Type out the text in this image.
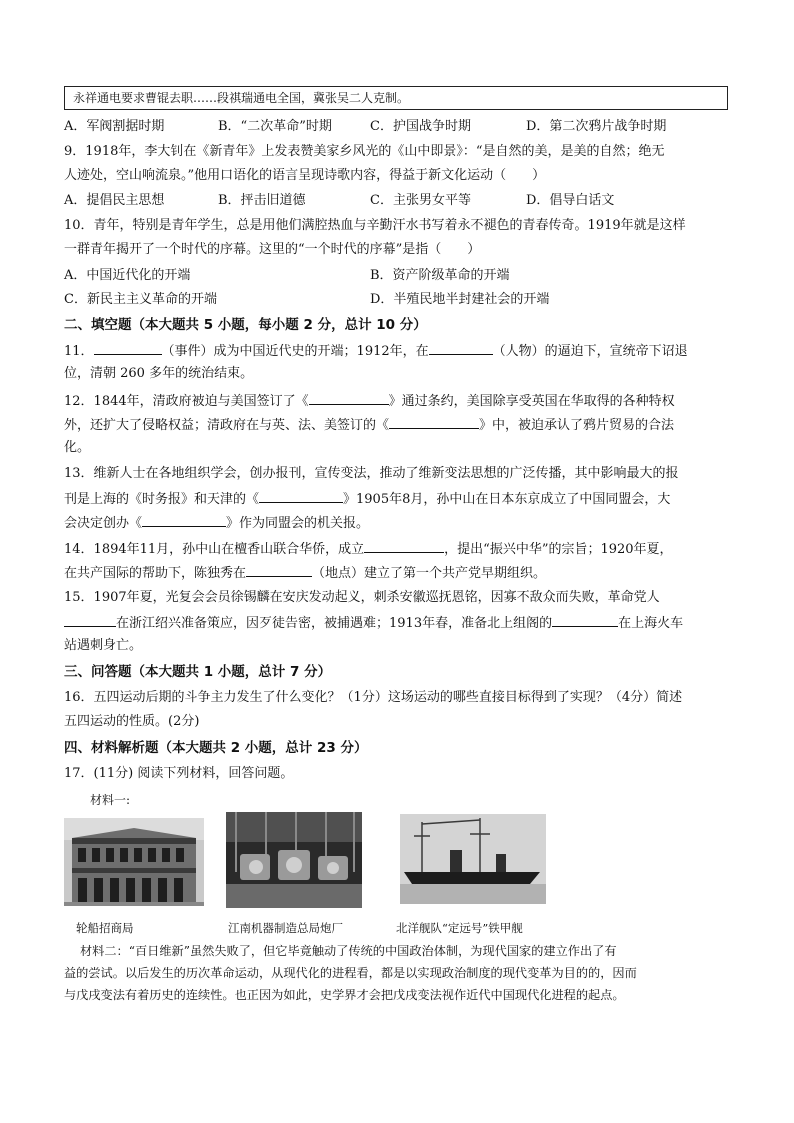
永祥通电要求曹锟去职……段祺瑞通电全国，冀张吴二人克制。
A．军阀割据时期	B．“二次革命”时期	C．护国战争时期	D．第二次鸦片战争时期
9．1918年，李大钊在《新青年》上发表赞美家乡风光的《山中即景》：“是自然的美，是美的自然；绝无
人迹处，空山响流泉。”他用口语化的语言呈现诗歌内容，得益于新文化运动（　　）
A．提倡民主思想	B．抨击旧道德	C．主张男女平等	D．倡导白话文
10．青年，特别是青年学生，总是用他们满腔热血与辛勤汗水书写着永不褪色的青春传奇。1919年就是这样
一群青年揭开了一个时代的序幕。这里的“一个时代的序幕”是指（　　）
A．中国近代化的开端	B．资产阶级革命的开端
C．新民主主义革命的开端	D．半殖民地半封建社会的开端
二、填空题（本大题共 5 小题，每小题 2 分，总计 10 分）
11．	（事件）成为中国近代史的开端；1912年，在	（人物）的逼迫下，宣统帝下诏退
位，清朝 260 多年的统治结束。
12．1844年，清政府被迫与美国签订了《	》通过条约，美国除享受英国在华取得的各种特权
外，还扩大了侵略权益；清政府在与英、法、美签订的《	》中，被迫承认了鸦片贸易的合法
化。
13．维新人士在各地组织学会，创办报刊，宣传变法，推动了维新变法思想的广泛传播，其中影响最大的报
刊是上海的《时务报》和天津的《	》1905年8月，孙中山在日本东京成立了中国同盟会，大
会决定创办《	》作为同盟会的机关报。
14．1894年11月，孙中山在檀香山联合华侨，成立	，提出“振兴中华”的宗旨；1920年夏，
在共产国际的帮助下，陈独秀在	（地点）建立了第一个共产党早期组织。
15．1907年夏，光复会会员徐锡麟在安庆发动起义，刺杀安徽巡抚恩铭，因寡不敌众而失败，革命党人
在浙江绍兴准备策应，因歹徒告密，被捕遇难；1913年春，准备北上组阁的	在上海火车
站遇刺身亡。
三、问答题（本大题共 1 小题，总计 7 分）
16．五四运动后期的斗争主力发生了什么变化？（1分）这场运动的哪些直接目标得到了实现？（4分）简述
五四运动的性质。(2分)
四、材料解析题（本大题共 2 小题，总计 23 分）
17．(11分) 阅读下列材料，回答问题。
材料一:
轮船招商局	江南机器制造总局炮厂	北洋舰队“定远号”铁甲舰
材料二：“百日维新”虽然失败了，但它毕竟触动了传统的中国政治体制，为现代国家的建立作出了有
益的尝试。以后发生的历次革命运动，从现代化的进程看，都是以实现政治制度的现代变革为目的的，因而
与戊戌变法有着历史的连续性。也正因为如此，史学界才会把戊戌变法视作近代中国现代化进程的起点。
